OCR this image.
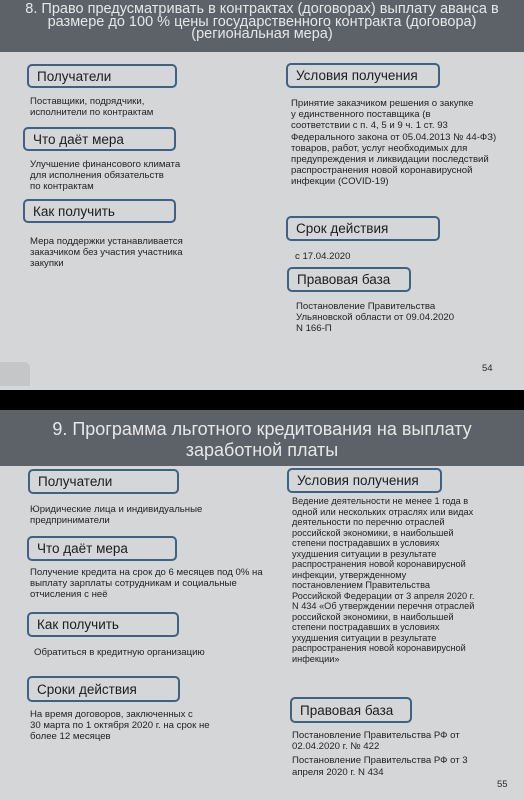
8. Право предусматривать в контрактах (договорах) выплату аванса в
размере до 100 % цены государственного контракта (договора)
(региональная мера)
Получатели
Поставщики, подрядчики,
исполнители по контрактам
Что даёт мера
Улучшение финансового климата
для исполнения обязательств
по контрактам
Как получить
Мера поддержки устанавливается
заказчиком без участия участника
закупки
Условия получения
Принятие заказчиком решения о закупке
у единственного поставщика (в
соответствии с п. 4, 5 и 9 ч. 1 ст. 93
Федерального закона от 05.04.2013 № 44-ФЗ)
товаров, работ, услуг необходимых для
предупреждения и ликвидации последствий
распространения новой коронавирусной
инфекции (COVID-19)
Срок действия
с 17.04.2020
Правовая база
Постановление Правительства
Ульяновской области от 09.04.2020
N 166-П
54
9. Программа льготного кредитования на выплату
заработной платы
Получатели
Юридические лица и индивидуальные
предприниматели
Что даёт мера
Получение кредита на срок до 6 месяцев под 0% на
выплату зарплаты сотрудникам и социальные
отчисления с неё
Как получить
Обратиться в кредитную организацию
Сроки действия
На время договоров, заключенных с
30 марта по 1 октября 2020 г. на срок не
более 12 месяцев
Условия получения
Ведение деятельности не менее 1 года в
одной или нескольких отраслях или видах
деятельности по перечню отраслей
российской экономики, в наибольшей
степени пострадавших в условиях
ухудшения ситуации в результате
распространения новой коронавирусной
инфекции, утвержденному
постановлением Правительства
Российской Федерации от 3 апреля 2020 г.
N 434 «Об утверждении перечня отраслей
российской экономики, в наибольшей
степени пострадавших в условиях
ухудшения ситуации в результате
распространения новой коронавирусной
инфекции»
Правовая база
Постановление Правительства РФ от
02.04.2020 г. № 422
Постановление Правительства РФ от 3
апреля 2020 г. N 434
55
